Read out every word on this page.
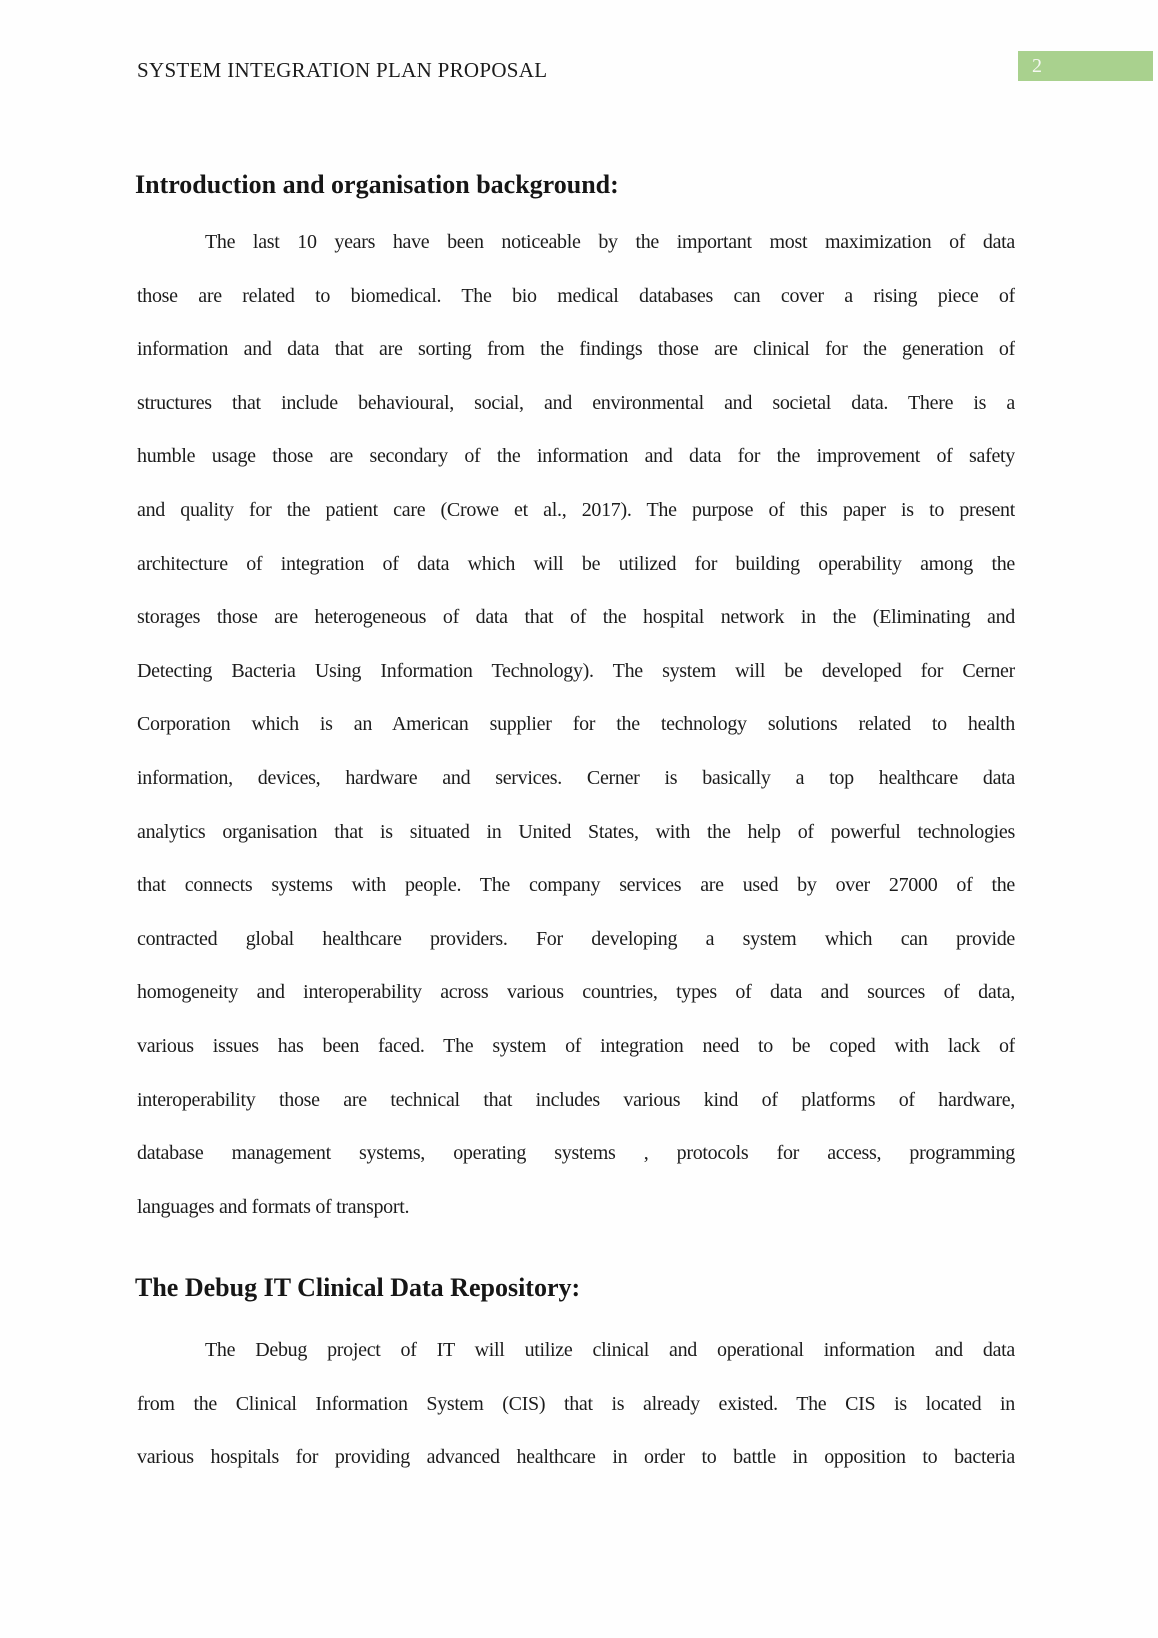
SYSTEM INTEGRATION PLAN PROPOSAL	2
Introduction and organisation background:
The last 10 years have been noticeable by the important most maximization of data
those are related to biomedical. The bio medical databases can cover a rising piece of
information and data that are sorting from the findings those are clinical for the generation of
structures that include behavioural, social, and environmental and societal data. There is a
humble usage those are secondary of the information and data for the improvement of safety
and quality for the patient care (Crowe et al., 2017). The purpose of this paper is to present
architecture of integration of data which will be utilized for building operability among the
storages those are heterogeneous of data that of the hospital network in the (Eliminating and
Detecting Bacteria Using Information Technology). The system will be developed for Cerner
Corporation which is an American supplier for the technology solutions related to health
information, devices, hardware and services. Cerner is basically a top healthcare data
analytics organisation that is situated in United States, with the help of powerful technologies
that connects systems with people. The company services are used by over 27000 of the
contracted global healthcare providers. For developing a system which can provide
homogeneity and interoperability across various countries, types of data and sources of data,
various issues has been faced. The system of integration need to be coped with lack of
interoperability those are technical that includes various kind of platforms of hardware,
database management systems, operating systems , protocols for access, programming
languages and formats of transport.
The Debug IT Clinical Data Repository:
The Debug project of IT will utilize clinical and operational information and data
from the Clinical Information System (CIS) that is already existed. The CIS is located in
various hospitals for providing advanced healthcare in order to battle in opposition to bacteria
